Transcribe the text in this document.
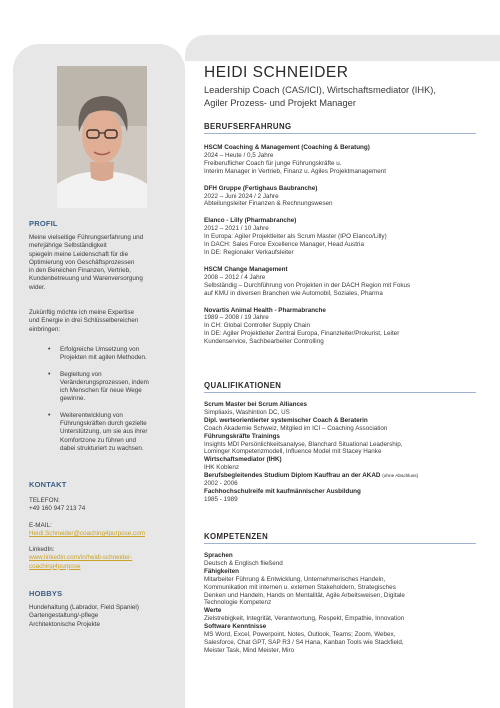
PROFIL
Meine vielseitige Führungserfahrung und
mehrjährige Selbständigkeit
spiegeln meine Leidenschaft für die
Optimierung von Geschäftsprozessen
in den Bereichen Finanzen, Vertrieb,
Kundenbetreuung und Warenversorgung
wider.
Zukünftig möchte ich meine Expertise
und Energie in drei Schlüsselbereichen
einbringen:
• Erfolgreiche Umsetzung von
Projekten mit agilen Methoden.
• Begleitung von
Veränderungsprozessen, indem
ich Menschen für neue Wege
gewinne.
• Weiterentwicklung von
Führungskräften durch gezielte
Unterstützung, um sie aus ihrer
Komfortzone zu führen und
dabei strukturiert zu wachsen.
KONTAKT
TELEFON:
+49 160 947 213 74
E-MAIL:
Heidi.Schneider@coaching4purpose.com
LinkedIn:
www.linkedin.com/in/heidi-schneider-
coaching4purpose
HOBBYS
Hundehaltung (Labrador, Field Spaniel)
Gartengestaltung/-pflege
Architektonische Projekte
HEIDI SCHNEIDER
Leadership Coach (CAS/ICI), Wirtschaftsmediator (IHK),
Agiler Prozess- und Projekt Manager
BERUFSERFAHRUNG
HSCM Coaching & Management (Coaching & Beratung)
2024 – Heute / 0,5 Jahre
Freiberuflicher Coach für junge Führungskräfte u.
Interim Manager in Vertrieb, Finanz u. Agiles Projektmanagement
DFH Gruppe (Fertighaus Baubranche)
2022 – Juni 2024 / 2 Jahre
Abteilungsleiter Finanzen & Rechnungswesen
Elanco - Lilly (Pharmabranche)
2012 – 2021 / 10 Jahre
In Europa: Agiler Projektleiter als Scrum Master (IPO Elanco/Lilly)
In DACH: Sales Force Excellence Manager, Head Austria
In DE: Regionaler Verkaufsleiter
HSCM Change Management
2008 – 2012 / 4 Jahre
Selbständig – Durchführung von Projekten in der DACH Region mit Fokus
auf KMU in diversen Branchen wie Automobil, Soziales, Pharma
Novartis Animal Health - Pharmabranche
1989 – 2008 / 19 Jahre
In CH: Global Controller Supply Chain
In DE: Agiler Projektleiter Zentral Europa, Finanzleiter/Prokurist, Leiter
Kundenservice, Sachbearbeiter Controlling
QUALIFIKATIONEN
Scrum Master bei Scrum Alliances
Simpliaxis, Washintion DC, US
Dipl. werteorientierter systemischer Coach & Beraterin
Coach Akademie Schweiz, Mitglied im ICI – Coaching Association
Führungskräfte Trainings
Insights MDI Persönlichkeitsanalyse, Blanchard Situational Leadership,
Lominger Kompetenzmodell, Influence Model mit Stacey Hanke
Wirtschaftsmediator (IHK)
IHK Koblenz
Berufsbegleitendes Studium Diplom Kauffrau an der AKAD (ohne Abschluss)
2002 - 2006
Fachhochschulreife mit kaufmännischer Ausbildung
1985 - 1989
KOMPETENZEN
Sprachen
Deutsch & Englisch fließend
Fähigkeiten
Mitarbeiter Führung & Entwicklung, Unternehmerisches Handeln,
Kommunikation mit internen u. externen Stakeholdern, Strategisches
Denken und Handeln, Hands on Mentalität, Agile Arbeitsweisen, Digitale
Technologie Kompetenz
Werte
Zielstrebigkeit, Integrität, Verantwortung, Respekt, Empathie, Innovation
Software Kenntnisse
MS Word, Excel, Powerpoint, Notes, Outlook, Teams; Zoom, Webex,
Salesforce, Chat GPT, SAP R3 / S4 Hana, Kanban Tools wie Stackfield,
Meister Task, Mind Meister, Miro
